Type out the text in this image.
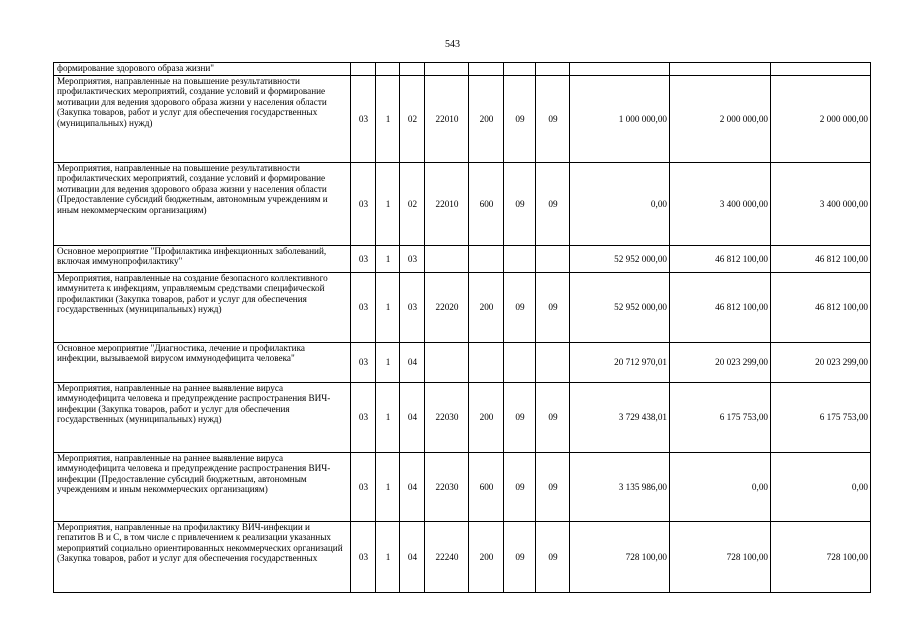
543
формирование здорового образа жизни"										
Мероприятия, направленные на повышение результативности профилактических мероприятий, создание условий и формирование мотивации для ведения здорового образа жизни у населения области (Закупка товаров, работ и услуг для обеспечения государственных (муниципальных) нужд)	03	1	02	22010	200	09	09	1 000 000,00	2 000 000,00	2 000 000,00
Мероприятия, направленные на повышение результативности профилактических мероприятий, создание условий и формирование мотивации для ведения здорового образа жизни у населения области (Предоставление субсидий бюджетным, автономным учреждениям и иным некоммерческим организациям)	03	1	02	22010	600	09	09	0,00	3 400 000,00	3 400 000,00
Основное мероприятие "Профилактика инфекционных заболеваний, включая иммунопрофилактику"	03	1	03					52 952 000,00	46 812 100,00	46 812 100,00
Мероприятия, направленные на создание безопасного коллективного иммунитета к инфекциям, управляемым средствами специфической профилактики (Закупка товаров, работ и услуг для обеспечения государственных (муниципальных) нужд)	03	1	03	22020	200	09	09	52 952 000,00	46 812 100,00	46 812 100,00
Основное мероприятие "Диагностика, лечение и профилактика инфекции, вызываемой вирусом иммунодефицита человека"	03	1	04					20 712 970,01	20 023 299,00	20 023 299,00
Мероприятия, направленные на раннее выявление вируса иммунодефицита человека и предупреждение распространения ВИЧ-инфекции (Закупка товаров, работ и услуг для обеспечения государственных (муниципальных) нужд)	03	1	04	22030	200	09	09	3 729 438,01	6 175 753,00	6 175 753,00
Мероприятия, направленные на раннее выявление вируса иммунодефицита человека и предупреждение распространения ВИЧ-инфекции (Предоставление субсидий бюджетным, автономным учреждениям и иным некоммерческих организациям)	03	1	04	22030	600	09	09	3 135 986,00	0,00	0,00
Мероприятия, направленные на профилактику ВИЧ-инфекции и гепатитов В и С, в том числе с привлечением к реализации указанных мероприятий социально ориентированных некоммерческих организаций (Закупка товаров, работ и услуг для обеспечения государственных	03	1	04	22240	200	09	09	728 100,00	728 100,00	728 100,00
